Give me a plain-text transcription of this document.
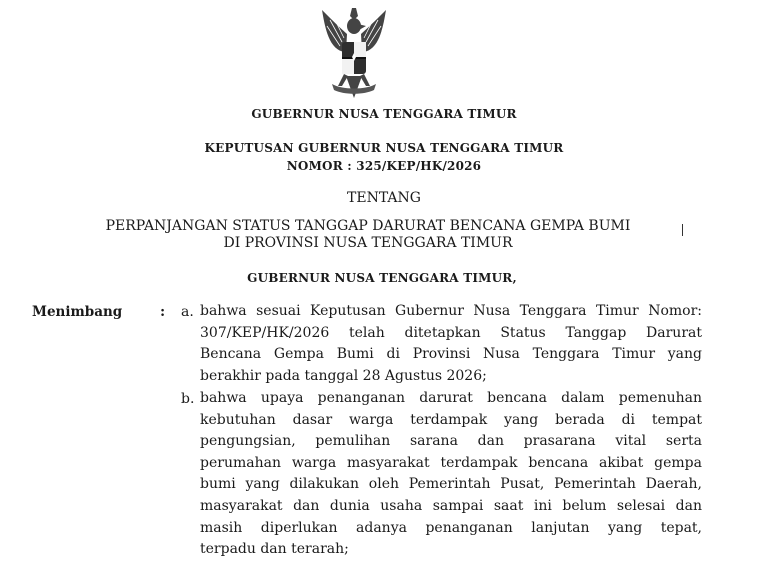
GUBERNUR NUSA TENGGARA TIMUR
KEPUTUSAN GUBERNUR NUSA TENGGARA TIMUR
NOMOR : 325/KEP/HK/2026
TENTANG
PERPANJANGAN STATUS TANGGAP DARURAT BENCANA GEMPA BUMI
DI PROVINSI NUSA TENGGARA TIMUR
GUBERNUR NUSA TENGGARA TIMUR,
Menimbang	: a. bahwa sesuai Keputusan Gubernur Nusa Tenggara Timur Nomor:
307/KEP/HK/2026 telah ditetapkan Status Tanggap Darurat
Bencana Gempa Bumi di Provinsi Nusa Tenggara Timur yang
berakhir pada tanggal 28 Agustus 2026;
b. bahwa upaya penanganan darurat bencana dalam pemenuhan
kebutuhan dasar warga terdampak yang berada di tempat
pengungsian, pemulihan sarana dan prasarana vital serta
perumahan warga masyarakat terdampak bencana akibat gempa
bumi yang dilakukan oleh Pemerintah Pusat, Pemerintah Daerah,
masyarakat dan dunia usaha sampai saat ini belum selesai dan
masih diperlukan adanya penanganan lanjutan yang tepat,
terpadu dan terarah;
